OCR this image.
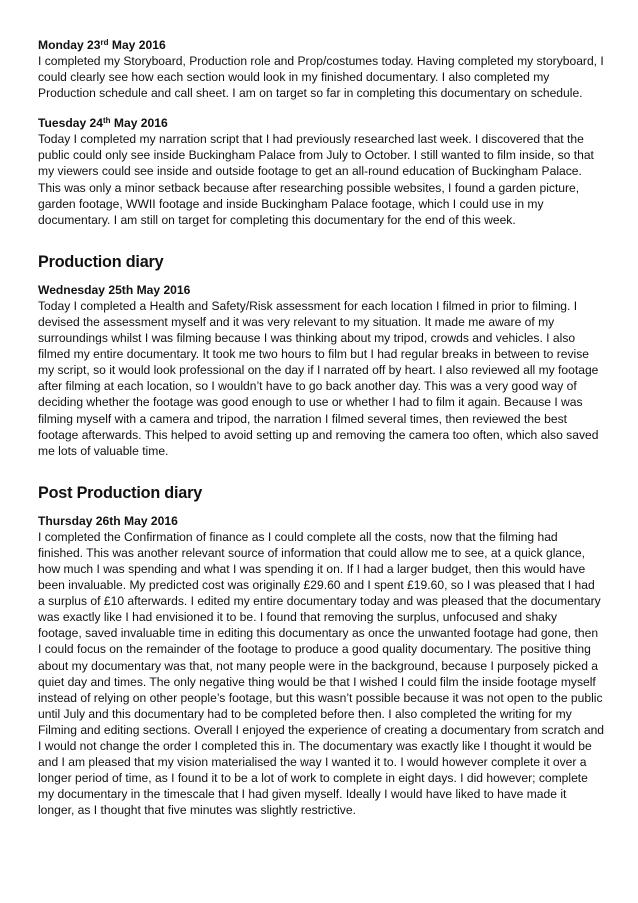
Monday 23rd May 2016

I completed my Storyboard, Production role and Prop/costumes today. Having completed my storyboard, I could clearly see how each section would look in my finished documentary. I also completed my Production schedule and call sheet. I am on target so far in completing this documentary on schedule.

Tuesday 24th May 2016

Today I completed my narration script that I had previously researched last week. I discovered that the public could only see inside Buckingham Palace from July to October. I still wanted to film inside, so that my viewers could see inside and outside footage to get an all-round education of Buckingham Palace. This was only a minor setback because after researching possible websites, I found a garden picture, garden footage, WWII footage and inside Buckingham Palace footage, which I could use in my documentary. I am still on target for completing this documentary for the end of this week.

Production diary
Wednesday 25th May 2016

Today I completed a Health and Safety/Risk assessment for each location I filmed in prior to filming. I devised the assessment myself and it was very relevant to my situation. It made me aware of my surroundings whilst I was filming because I was thinking about my tripod, crowds and vehicles. I also filmed my entire documentary. It took me two hours to film but I had regular breaks in between to revise my script, so it would look professional on the day if I narrated off by heart. I also reviewed all my footage after filming at each location, so I wouldn’t have to go back another day. This was a very good way of deciding whether the footage was good enough to use or whether I had to film it again. Because I was filming myself with a camera and tripod, the narration I filmed several times, then reviewed the best footage afterwards. This helped to avoid setting up and removing the camera too often, which also saved me lots of valuable time.

Post Production diary
Thursday 26th May 2016

I completed the Confirmation of finance as I could complete all the costs, now that the filming had finished. This was another relevant source of information that could allow me to see, at a quick glance, how much I was spending and what I was spending it on. If I had a larger budget, then this would have been invaluable. My predicted cost was originally £29.60 and I spent £19.60, so I was pleased that I had a surplus of £10 afterwards. I edited my entire documentary today and was pleased that the documentary was exactly like I had envisioned it to be. I found that removing the surplus, unfocused and shaky footage, saved invaluable time in editing this documentary as once the unwanted footage had gone, then I could focus on the remainder of the footage to produce a good quality documentary. The positive thing about my documentary was that, not many people were in the background, because I purposely picked a quiet day and times. The only negative thing would be that I wished I could film the inside footage myself instead of relying on other people’s footage, but this wasn’t possible because it was not open to the public until July and this documentary had to be completed before then. I also completed the writing for my Filming and editing sections. Overall I enjoyed the experience of creating a documentary from scratch and I would not change the order I completed this in. The documentary was exactly like I thought it would be and I am pleased that my vision materialised the way I wanted it to. I would however complete it over a longer period of time, as I found it to be a lot of work to complete in eight days. I did however; complete my documentary in the timescale that I had given myself. Ideally I would have liked to have made it longer, as I thought that five minutes was slightly restrictive.
